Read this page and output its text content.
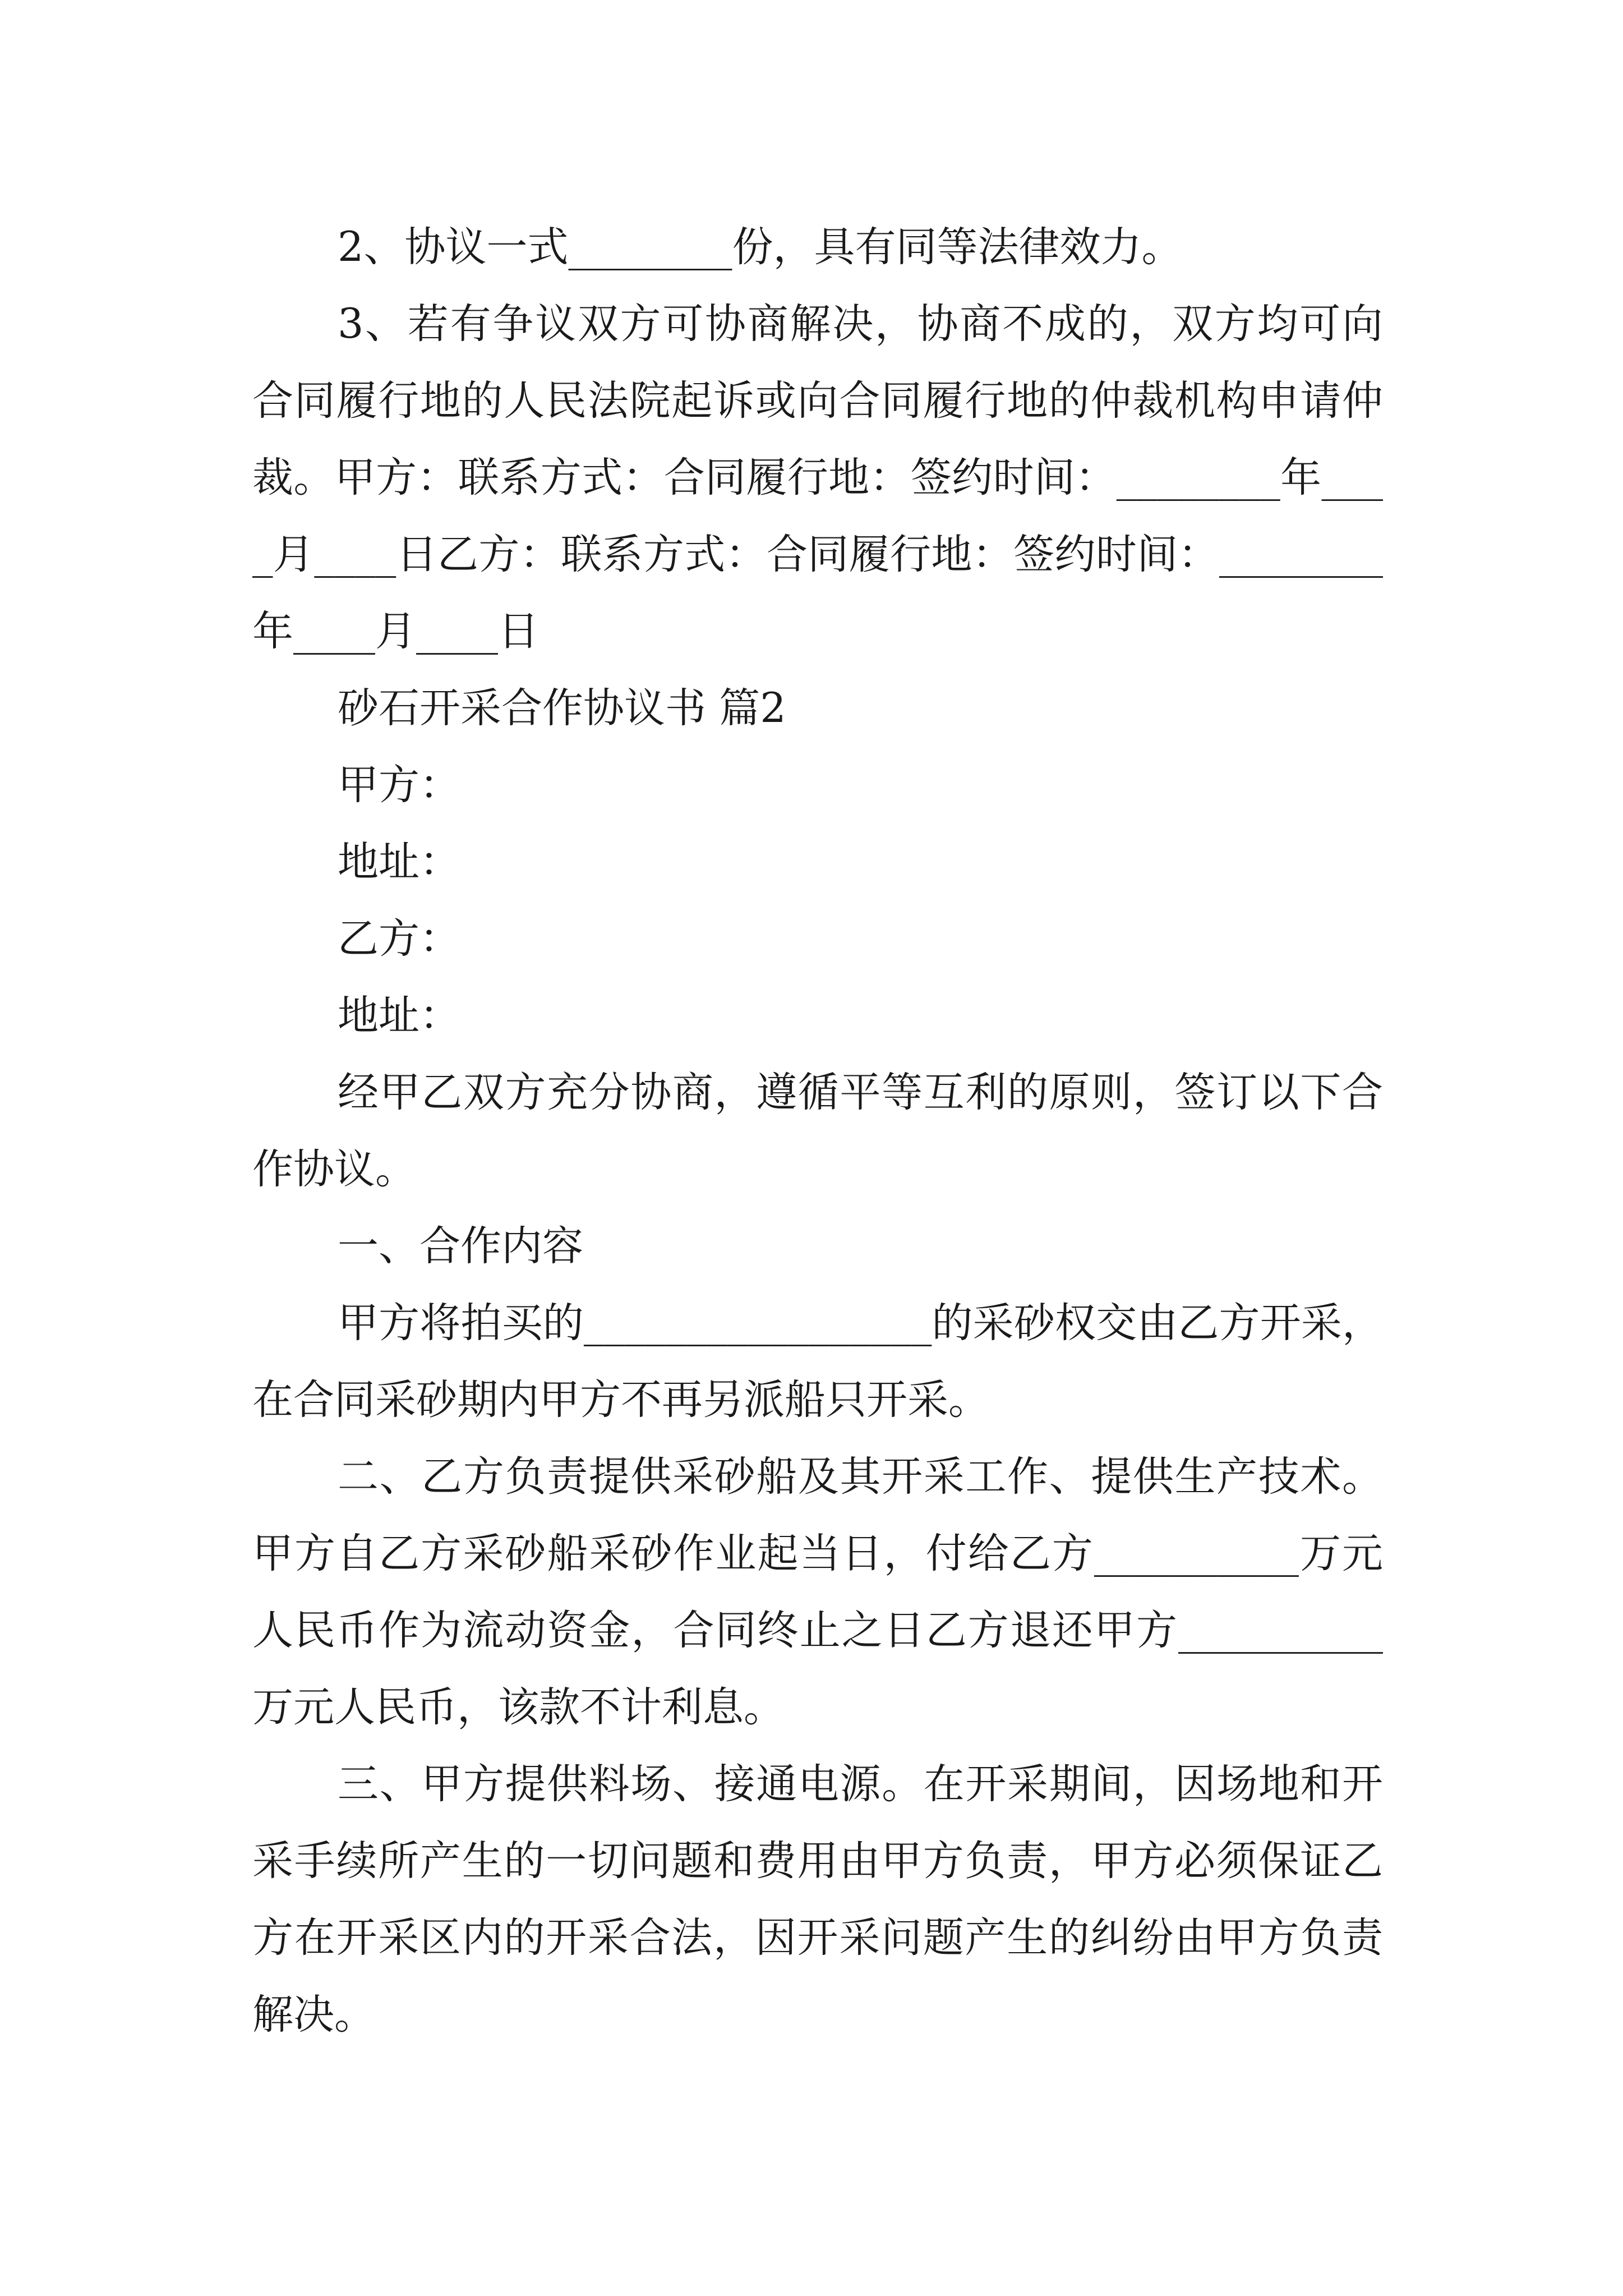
2、协议一式________份，具有同等法律效力。

3、若有争议双方可协商解决，协商不成的，双方均可向合同履行地的人民法院起诉或向合同履行地的仲裁机构申请仲裁。甲方：联系方式：合同履行地：签约时间：________年____月____日乙方：联系方式：合同履行地：签约时间：________年____月____日

砂石开采合作协议书 篇2

甲方：

地址：

乙方：

地址：

经甲乙双方充分协商，遵循平等互利的原则，签订以下合作协议。

一、合作内容

甲方将拍买的_________________的采砂权交由乙方开采，在合同采砂期内甲方不再另派船只开采。

二、乙方负责提供采砂船及其开采工作、提供生产技术。甲方自乙方采砂船采砂作业起当日，付给乙方__________万元人民币作为流动资金，合同终止之日乙方退还甲方__________万元人民币，该款不计利息。

三、甲方提供料场、接通电源。在开采期间，因场地和开采手续所产生的一切问题和费用由甲方负责，甲方必须保证乙方在开采区内的开采合法，因开采问题产生的纠纷由甲方负责解决。
